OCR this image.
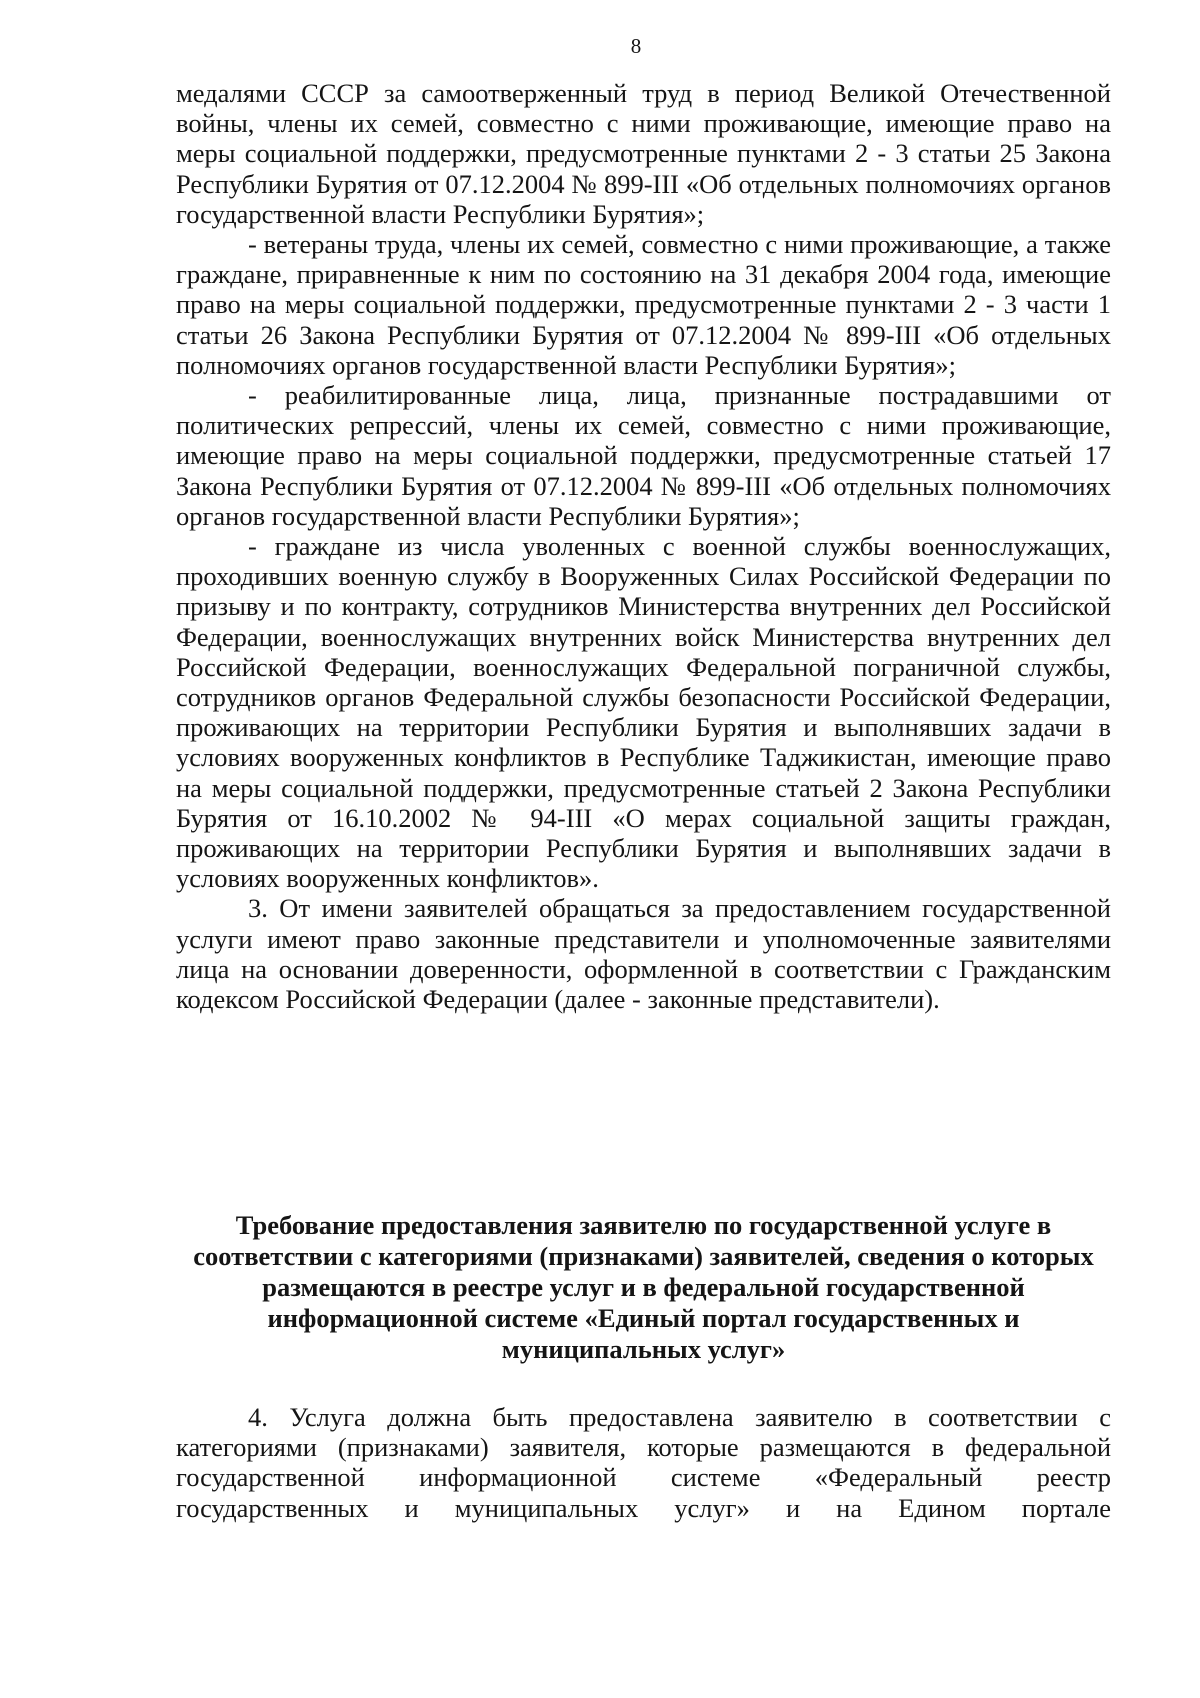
8

медалями СССР за самоотверженный труд в период Великой Отечественной войны, члены их семей, совместно с ними проживающие, имеющие право на меры социальной поддержки, предусмотренные пунктами 2 - 3 статьи 25 Закона Республики Бурятия от 07.12.2004 № 899-III «Об отдельных полномочиях органов государственной власти Республики Бурятия»;

- ветераны труда, члены их семей, совместно с ними проживающие, а также граждане, приравненные к ним по состоянию на 31 декабря 2004 года, имеющие право на меры социальной поддержки, предусмотренные пунктами 2 - 3 части 1 статьи 26 Закона Республики Бурятия от 07.12.2004 № 899-III «Об отдельных полномочиях органов государственной власти Республики Бурятия»;

- реабилитированные лица, лица, признанные пострадавшими от политических репрессий, члены их семей, совместно с ними проживающие, имеющие право на меры социальной поддержки, предусмотренные статьей 17 Закона Республики Бурятия от 07.12.2004 № 899-III «Об отдельных полномочиях органов государственной власти Республики Бурятия»;

- граждане из числа уволенных с военной службы военнослужащих, проходивших военную службу в Вооруженных Силах Российской Федерации по призыву и по контракту, сотрудников Министерства внутренних дел Российской Федерации, военнослужащих внутренних войск Министерства внутренних дел Российской Федерации, военнослужащих Федеральной пограничной службы, сотрудников органов Федеральной службы безопасности Российской Федерации, проживающих на территории Республики Бурятия и выполнявших задачи в условиях вооруженных конфликтов в Республике Таджикистан, имеющие право на меры социальной поддержки, предусмотренные статьей 2 Закона Республики Бурятия от 16.10.2002 № 94-III «О мерах социальной защиты граждан, проживающих на территории Республики Бурятия и выполнявших задачи в условиях вооруженных конфликтов».

3. От имени заявителей обращаться за предоставлением государственной услуги имеют право законные представители и уполномоченные заявителями лица на основании доверенности, оформленной в соответствии с Гражданским кодексом Российской Федерации (далее - законные представители).

Требование предоставления заявителю по государственной услуге в соответствии с категориями (признаками) заявителей, сведения о которых размещаются в реестре услуг и в федеральной государственной информационной системе «Единый портал государственных и муниципальных услуг»

4. Услуга должна быть предоставлена заявителю в соответствии с категориями (признаками) заявителя, которые размещаются в федеральной государственной информационной системе «Федеральный реестр государственных и муниципальных услуг» и на Едином портале
